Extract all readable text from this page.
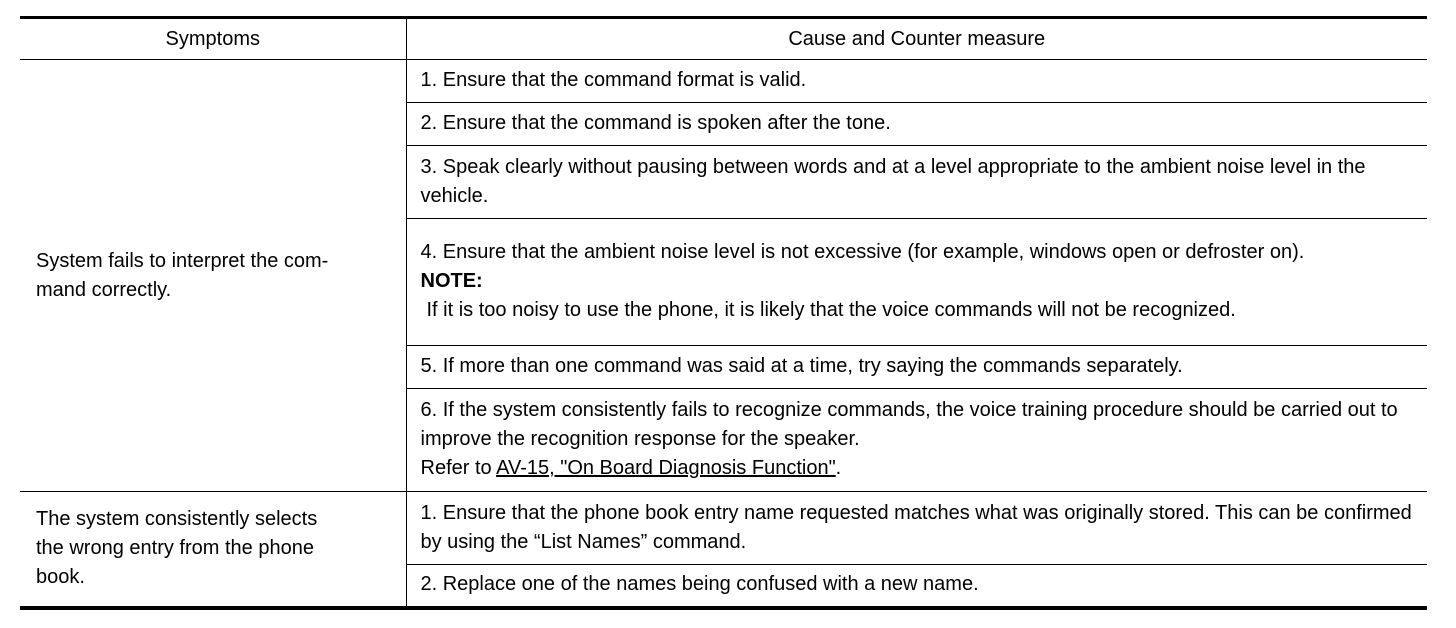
Symptoms	Cause and Counter measure

System fails to interpret the com-
mand correctly.	1. Ensure that the command format is valid.
	2. Ensure that the command is spoken after the tone.
	3. Speak clearly without pausing between words and at a level appropriate to the ambient noise level in the vehicle.
	4. Ensure that the ambient noise level is not excessive (for example, windows open or defroster on).
NOTE:
If it is too noisy to use the phone, it is likely that the voice commands will not be recognized.

	5. If more than one command was said at a time, try saying the commands separately.
	6. If the system consistently fails to recognize commands, the voice training procedure should be carried out to improve the recognition response for the speaker.
Refer to AV-15, "On Board Diagnosis Function".

The system consistently selects
the wrong entry from the phone
book.	1. Ensure that the phone book entry name requested matches what was originally stored. This can be confirmed by using the “List Names” command.
	2. Replace one of the names being confused with a new name.
